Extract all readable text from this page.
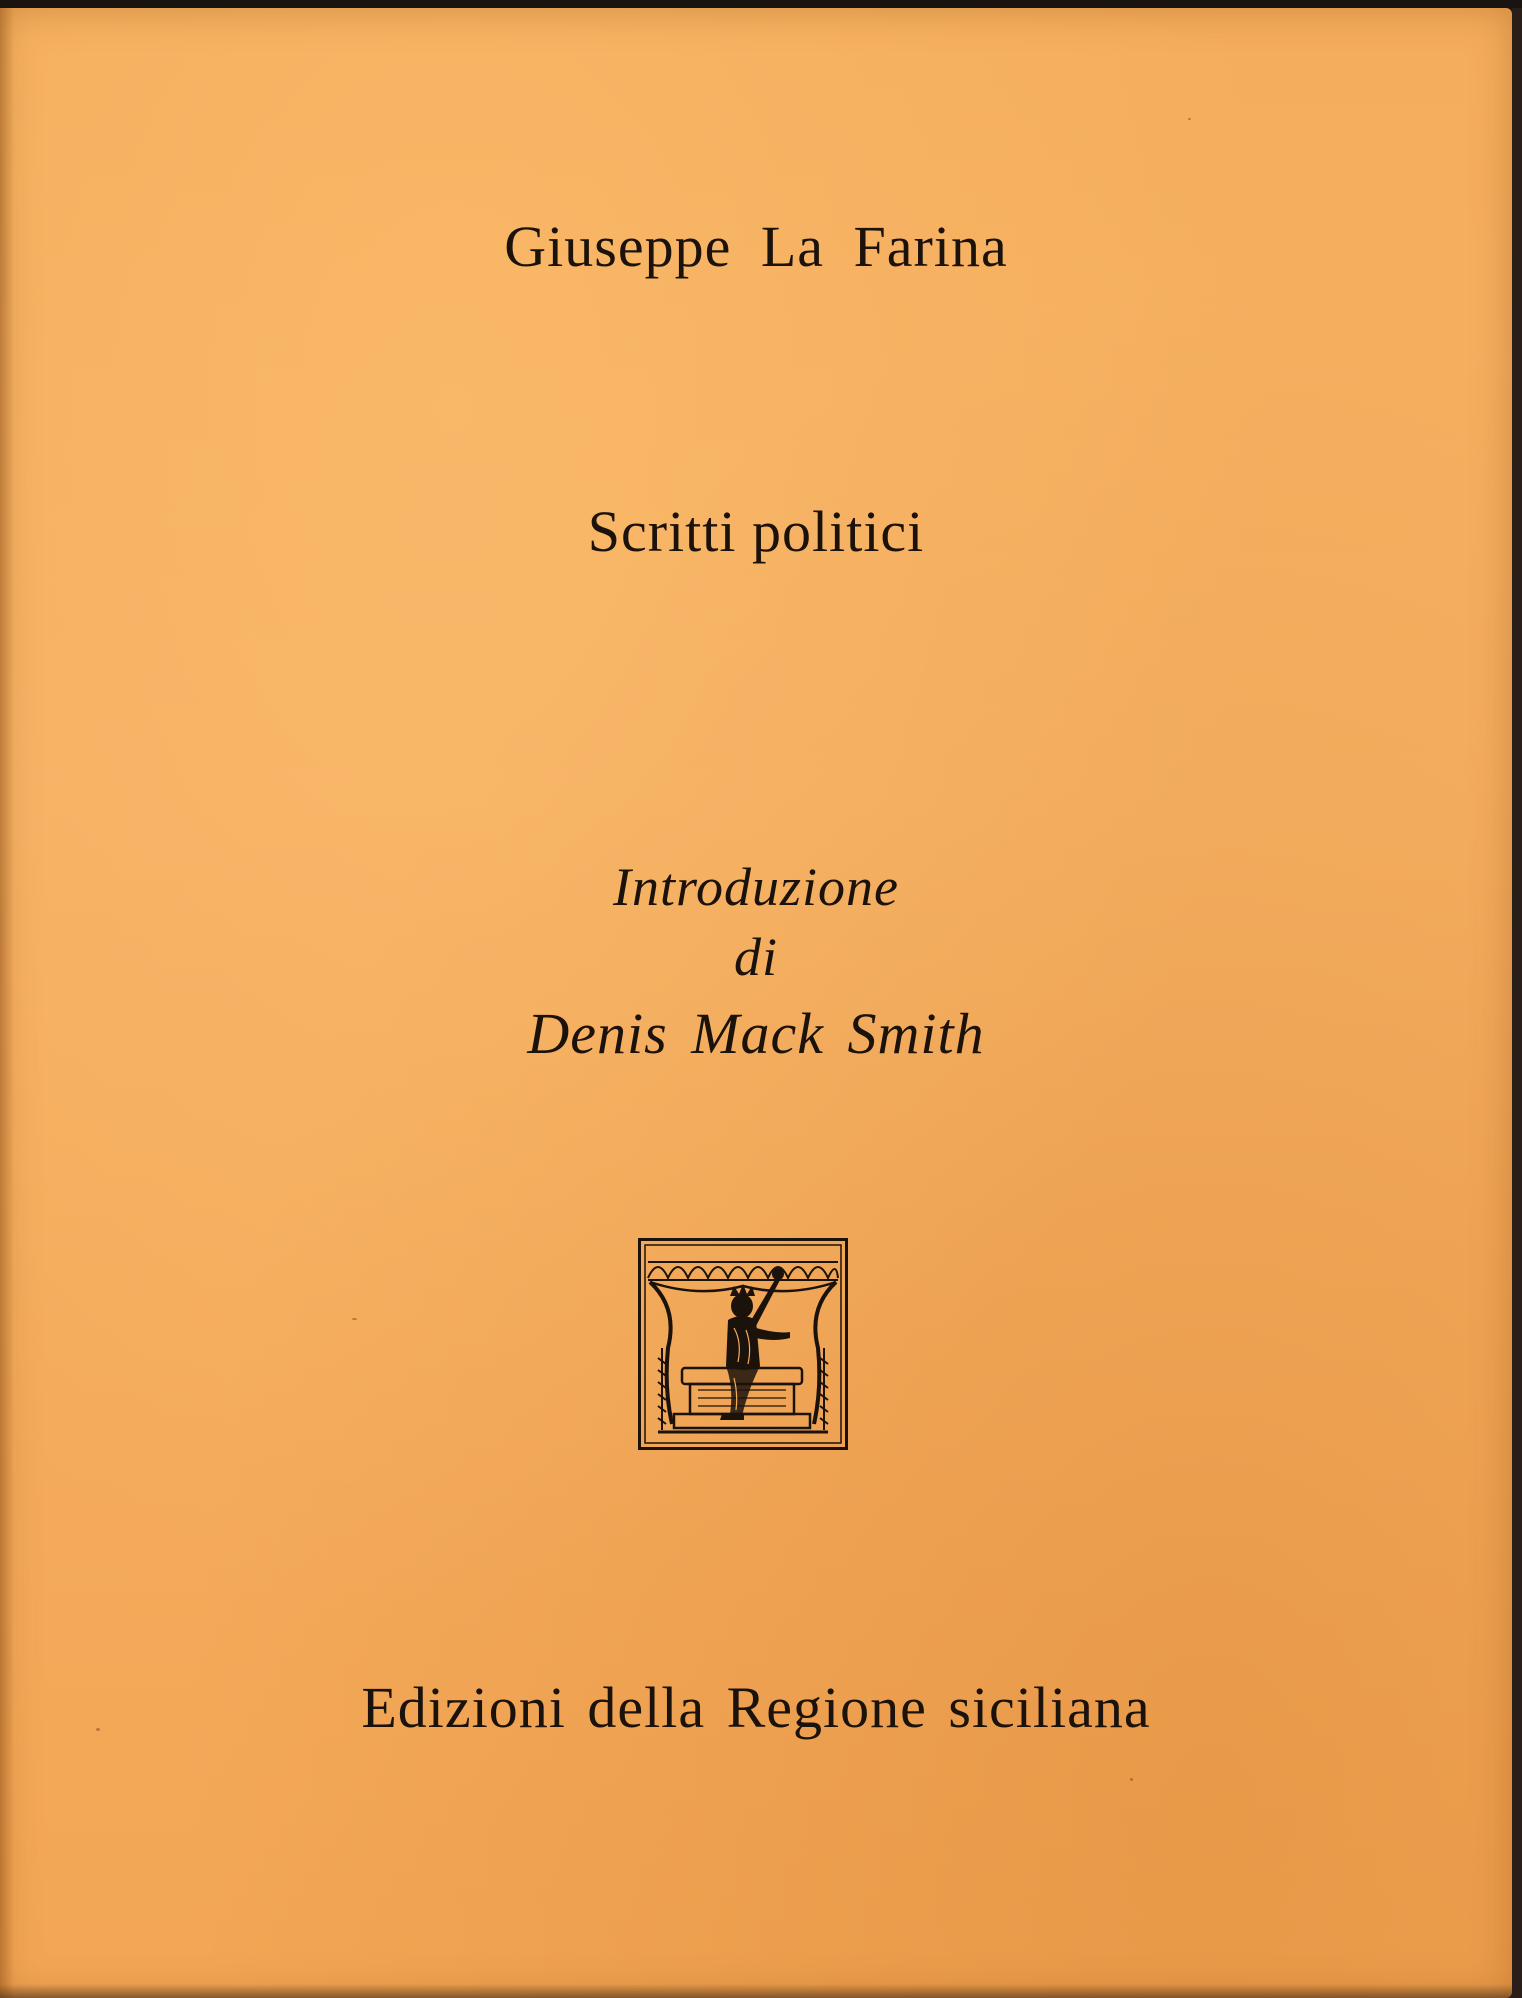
Giuseppe La Farina
Scritti politici
Introduzione
di
Denis Mack Smith
Edizioni della Regione siciliana
